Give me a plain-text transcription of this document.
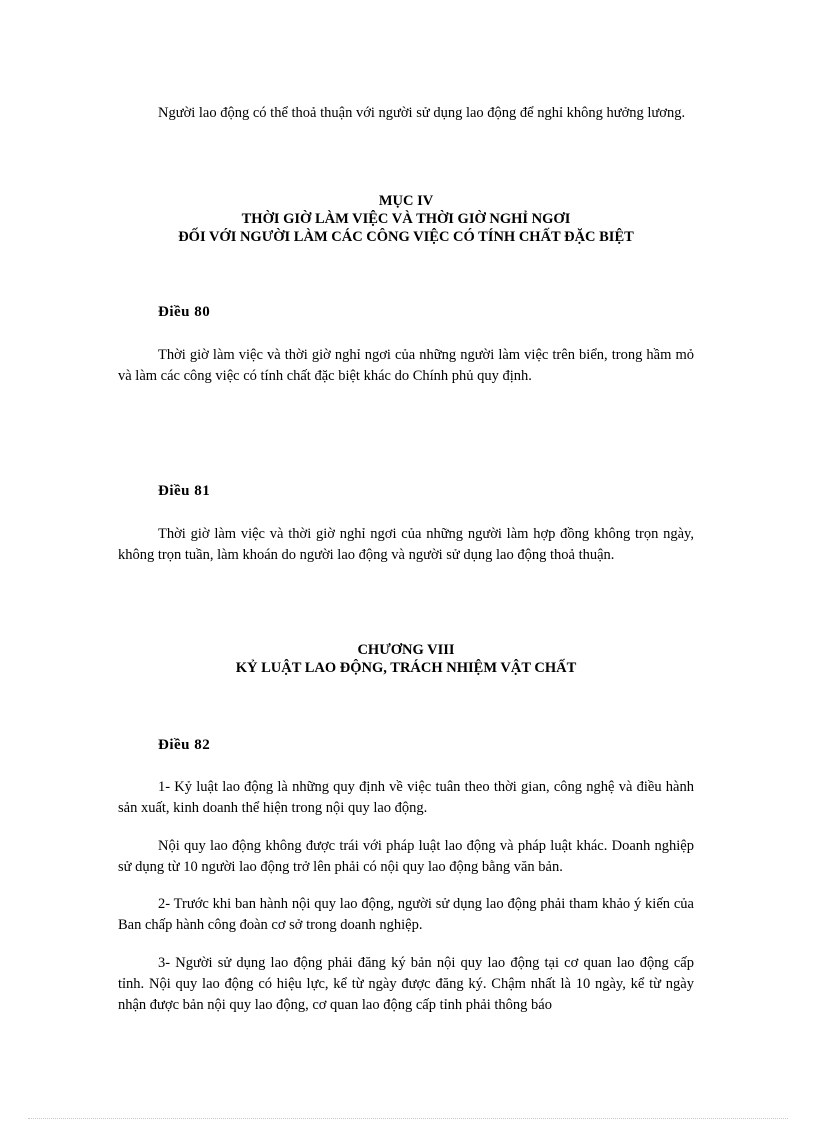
Người lao động có thể thoả thuận với người sử dụng lao động để nghỉ không hưởng lương.

MỤC IV
THỜI GIỜ LÀM VIỆC VÀ THỜI GIỜ NGHỈ NGƠI
ĐỐI VỚI NGƯỜI LÀM CÁC CÔNG VIỆC CÓ TÍNH CHẤT ĐẶC BIỆT
Điều 80

Thời giờ làm việc và thời giờ nghỉ ngơi của những người làm việc trên biển, trong hầm mỏ và làm các công việc có tính chất đặc biệt khác do Chính phủ quy định.

Điều 81

Thời giờ làm việc và thời giờ nghỉ ngơi của những người làm hợp đồng không trọn ngày, không trọn tuần, làm khoán do người lao động và người sử dụng lao động thoả thuận.

CHƯƠNG VIII
KỶ LUẬT LAO ĐỘNG, TRÁCH NHIỆM VẬT CHẤT
Điều 82

1- Kỷ luật lao động là những quy định về việc tuân theo thời gian, công nghệ và điều hành sản xuất, kinh doanh thể hiện trong nội quy lao động.

Nội quy lao động không được trái với pháp luật lao động và pháp luật khác. Doanh nghiệp sử dụng từ 10 người lao động trở lên phải có nội quy lao động bằng văn bản.

2- Trước khi ban hành nội quy lao động, người sử dụng lao động phải tham khảo ý kiến của Ban chấp hành công đoàn cơ sở trong doanh nghiệp.

3- Người sử dụng lao động phải đăng ký bản nội quy lao động tại cơ quan lao động cấp tỉnh. Nội quy lao động có hiệu lực, kể từ ngày được đăng ký. Chậm nhất là 10 ngày, kể từ ngày nhận được bản nội quy lao động, cơ quan lao động cấp tỉnh phải thông báo
